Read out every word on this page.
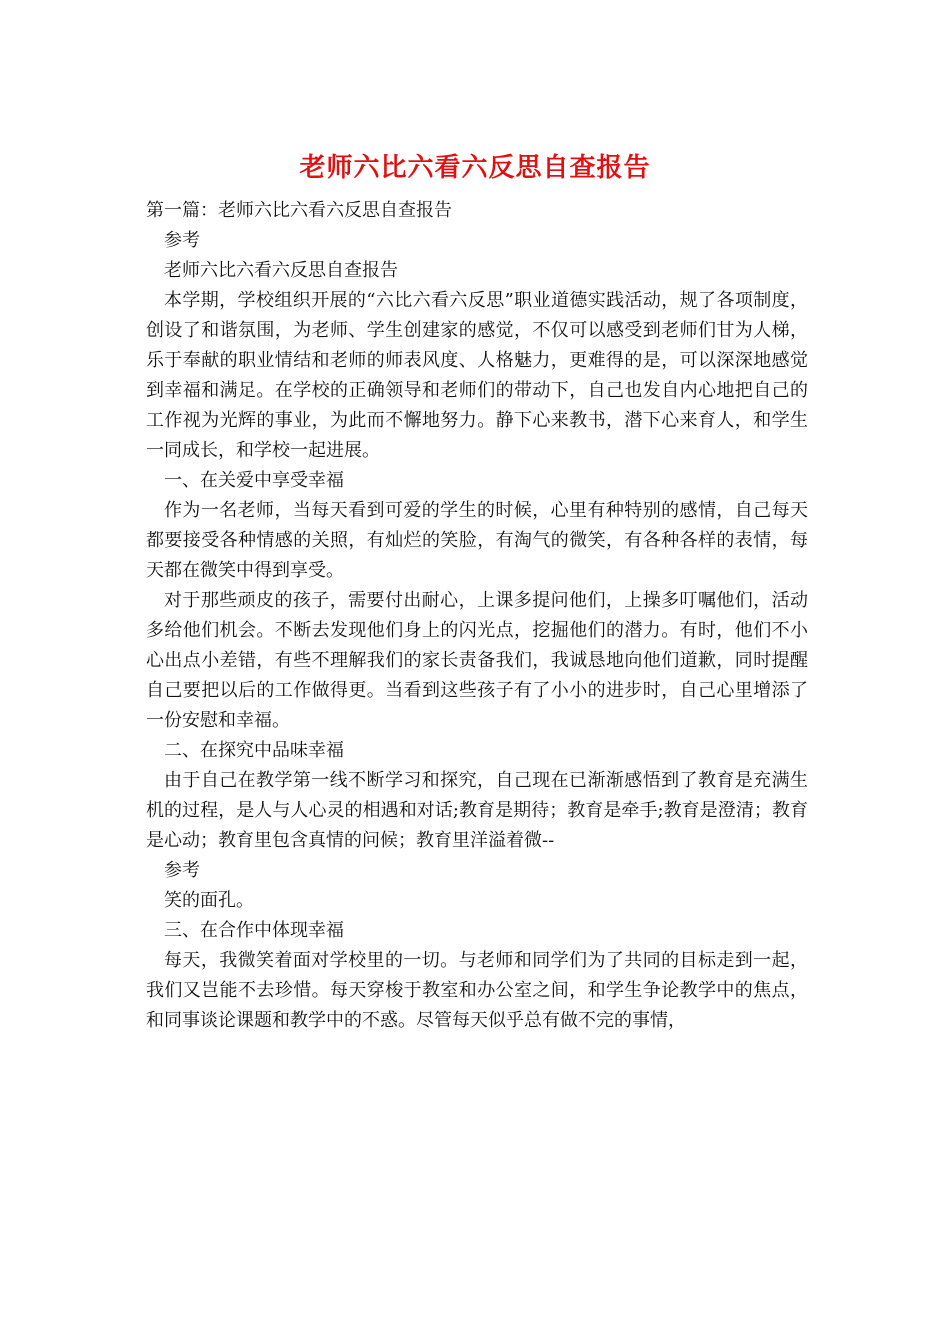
老师六比六看六反思自查报告

第一篇：老师六比六看六反思自查报告

参考

老师六比六看六反思自查报告

本学期，学校组织开展的“六比六看六反思”职业道德实践活动，规了各项制度，创设了和谐氛围，为老师、学生创建家的感觉，不仅可以感受到老师们甘为人梯，乐于奉献的职业情结和老师的师表风度、人格魅力，更难得的是，可以深深地感觉到幸福和满足。在学校的正确领导和老师们的带动下，自己也发自内心地把自己的工作视为光辉的事业，为此而不懈地努力。静下心来教书，潜下心来育人，和学生一同成长，和学校一起进展。

一、在关爱中享受幸福

作为一名老师，当每天看到可爱的学生的时候，心里有种特别的感情，自己每天都要接受各种情感的关照，有灿烂的笑脸，有淘气的微笑，有各种各样的表情，每天都在微笑中得到享受。

对于那些顽皮的孩子，需要付出耐心，上课多提问他们，上操多叮嘱他们，活动多给他们机会。不断去发现他们身上的闪光点，挖掘他们的潜力。有时，他们不小心出点小差错，有些不理解我们的家长责备我们，我诚恳地向他们道歉，同时提醒自己要把以后的工作做得更。当看到这些孩子有了小小的进步时，自己心里增添了一份安慰和幸福。

二、在探究中品味幸福

由于自己在教学第一线不断学习和探究，自己现在已渐渐感悟到了教育是充满生机的过程，是人与人心灵的相遇和对话;教育是期待；教育是牵手;教育是澄清；教育是心动；教育里包含真情的问候；教育里洋溢着微--

参考

笑的面孔。

三、在合作中体现幸福

每天，我微笑着面对学校里的一切。与老师和同学们为了共同的目标走到一起，我们又岂能不去珍惜。每天穿梭于教室和办公室之间，和学生争论教学中的焦点，和同事谈论课题和教学中的不惑。尽管每天似乎总有做不完的事情，
